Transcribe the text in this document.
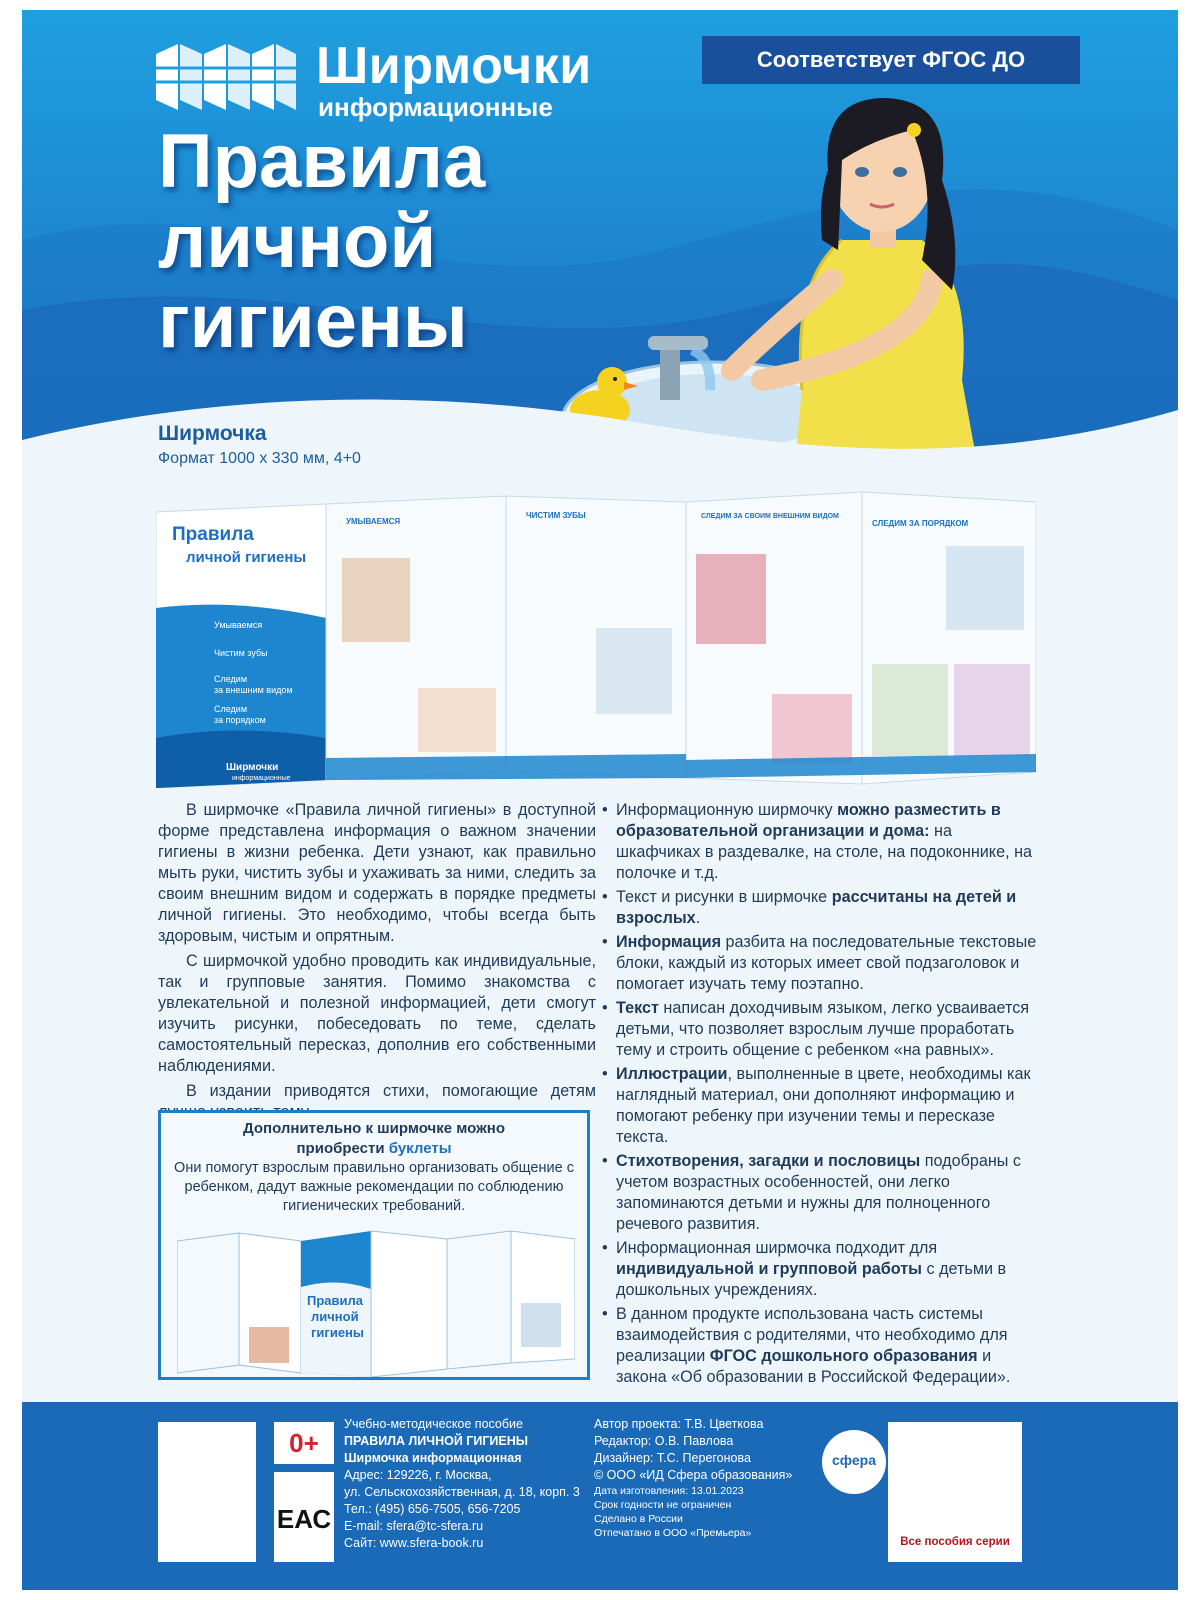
Ширмочки
информационные
Соответствует ФГОС ДО
Правила
личной
гигиены
Ширмочка
Формат 1000 х 330 мм, 4+0
Правила
личной гигиены
Умываемся
Чистим зубы
Следим
за внешним видом
Следим
за порядком
Ширмочки
информационные
УМЫВАЕМСЯ
ЧИСТИМ ЗУБЫ	СЛЕДИМ ЗА СВОИМ ВНЕШНИМ ВИДОМ
СЛЕДИМ ЗА ПОРЯДКОМ

В ширмочке «Правила личной гигиены» в доступной форме представлена информация о важном значении гигиены в жизни ребенка. Дети узнают, как правильно мыть руки, чистить зубы и ухаживать за ними, следить за своим внешним видом и содержать в порядке предметы личной гигиены. Это необходимо, чтобы всегда быть здоровым, чистым и опрятным.

С ширмочкой удобно проводить как индивидуальные, так и групповые занятия. Помимо знакомства с увлекательной и полезной информацией, дети смогут изучить рисунки, побеседовать по теме, сделать самостоятельный пересказ, дополнив его собственными наблюдениями.

В издании приводятся стихи, помогающие детям

• Информационную ширмочку можно разместить в образовательной организации и дома: на шкафчиках в раздевалке, на столе, на подоконнике, на полочке и т.д.
• Текст и рисунки в ширмочке рассчитаны на детей и взрослых.
• Информация разбита на последовательные текстовые блоки, каждый из которых имеет свой подзаголовок и помогает изучать тему поэтапно.
• Текст написан доходчивым языком, легко усваивается детьми, что позволяет взрослым лучше проработать тему и строить общение с ребенком «на равных».
• Иллюстрации, выполненные в цвете, необходимы как наглядный материал, они дополняют информацию и помогают ребенку при изучении темы и пересказе текста.
• Стихотворения, загадки и пословицы подобраны с учетом возрастных особенностей, они легко запоминаются детьми и нужны для полноценного речевого развития.
• Информационная ширмочка подходит для индивидуальной и групповой работы с детьми в дошкольных учреждениях.
• В данном продукте использована часть системы взаимодействия с родителями, что необходимо для реализации ФГОС дошкольного образования и закона «Об образовании в Российской Федерации».
Дополнительно к ширмочке можно
приобрести буклеты
Они помогут взрослым правильно организовать общение с ребенком, дадут важные рекомендации по соблюдению гигиенических требований.
Правила
личной
гигиены
0+
ЕАС
Учебно-методическое пособие
ПРАВИЛА ЛИЧНОЙ ГИГИЕНЫ
Ширмочка информационная
Адрес: 129226, г. Москва,
ул. Сельскохозяйственная, д. 18, корп. 3
Тел.: (495) 656-7505, 656-7205
E-mail: sfera@tc-sfera.ru
Сайт: www.sfera-book.ru
Автор проекта: Т.В. Цветкова
Редактор: О.В. Павлова
Дизайнер: Т.С. Перегонова
© ООО «ИД Сфера образования»
Дата изготовления: 13.01.2023
Срок годности не ограничен
Сделано в России
Отпечатано в ООО «Премьера»
сфера
Все пособия серии
